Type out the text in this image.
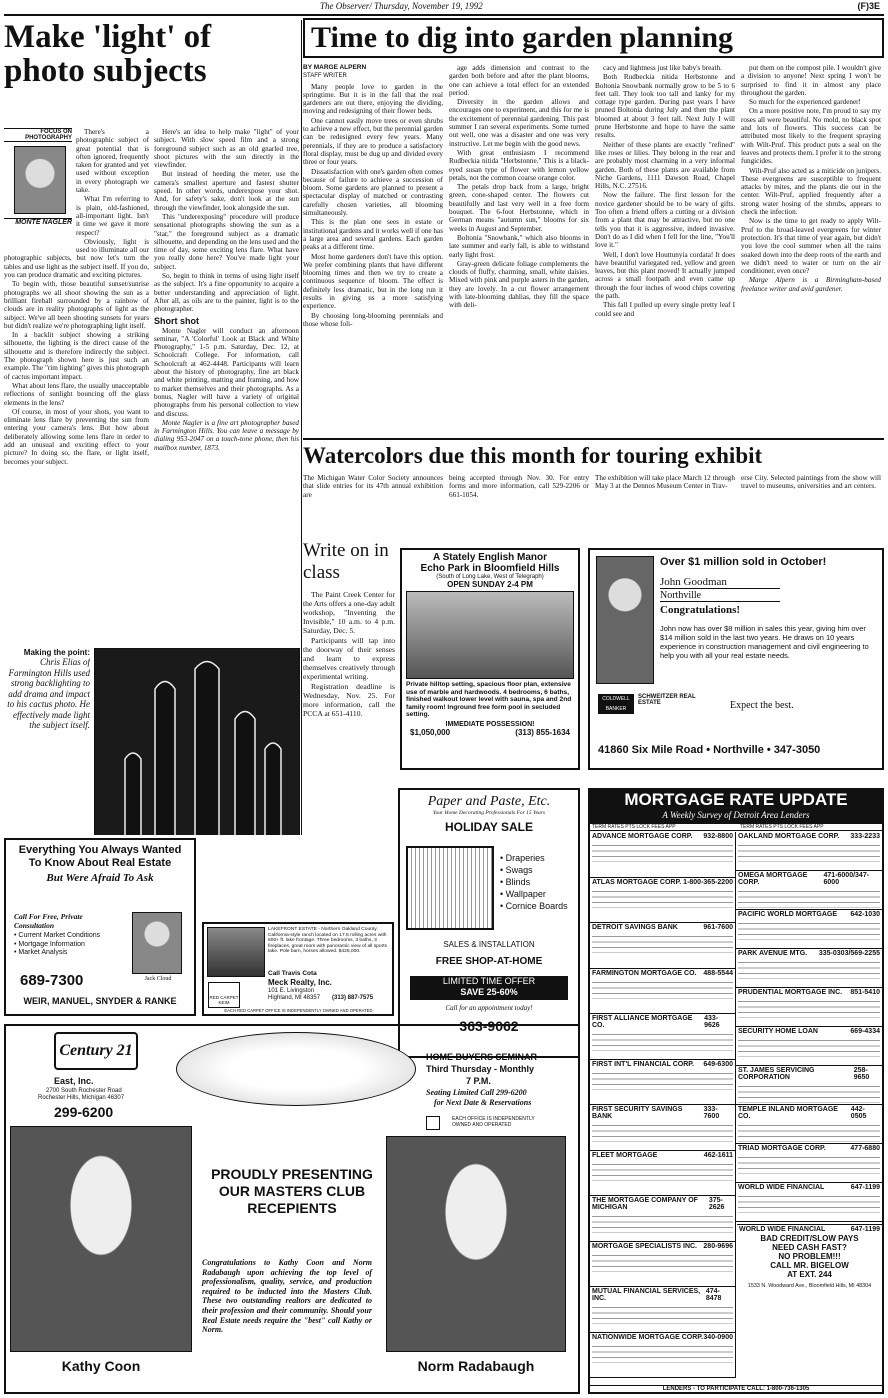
The Observer/ Thursday, November 19, 1992	(F)3E
Make 'light' of photo subjects
FOCUS ON PHOTOGRAPHY
MONTE NAGLER

There's a photographic subject of great potential that is often ignored, frequently taken for granted and yet used without exception in every photograph we take.

What I'm referring to is plain, old-fashioned, all-important light. Isn't it time we gave it more respect?

Obviously, light is used to illuminate all our photographic subjects, but now let's turn the tables and use light as the subject itself. If you do, you can produce dramatic and exciting pictures.

To begin with, those beautiful sunset/sunrise photographs we all shoot showing the sun as a brilliant fireball surrounded by a rainbow of clouds are in reality photographs of light as the subject. We've all been shooting sunsets for years but didn't realize we're photographing light itself.

In a backlit subject showing a striking silhouette, the lighting is the direct cause of the silhouette and is therefore indirectly the subject. The photograph shown here is just such an example. The "rim lighting" gives this photograph of cactus important impact.

What about lens flare, the usually unacceptable reflections of sunlight bouncing off the glass elements in the lens?

Of course, in most of your shots, you want to eliminate lens flare by preventing the sun from entering your camera's lens. But how about deliberately allowing some lens flare in order to add an unusual and exciting effect to your picture? In doing so, the flare, or light itself, becomes your subject.

Here's an idea to help make "light" of your subject. With slow speed film and a strong foreground subject such as an old gnarled tree, shoot pictures with the sun directly in the viewfinder.

But instead of heeding the meter, use the camera's smallest aperture and fastest shutter speed. In other words, underexpose your shot. And, for safety's sake, don't look at the sun through the viewfinder, look alongside the sun.

This "underexposing" procedure will produce sensational photographs showing the sun as a "star," the foreground subject as a dramatic silhouette, and depending on the lens used and the time of day, some exciting lens flare. What have you really done here? You've made light your subject.

So, begin to think in terms of using light itself as the subject. It's a fine opportunity to acquire a better understanding and appreciation of light. After all, as oils are to the painter, light is to the photographer.

Short shot

Monte Nagler will conduct an afternoon seminar, "A 'Colorful' Look at Black and White Photography," 1-5 p.m. Saturday, Dec. 12, at Schoolcraft College. For information, call Schoolcraft at 462-4448. Participants will learn about the history of photography, fine art black and white printing, matting and framing, and how to market themselves and their photographs. As a bonus, Nagler will have a variety of original photographs from his personal collection to view and discuss.

Monte Nagler is a fine art photographer based in Farmington Hills. You can leave a message by dialing 953-2047 on a touch-tone phone, then his mailbox number, 1873.

Making the point:
Chris Elias of Farmington Hills used strong backlighting to add drama and impact to his cactus photo. He effectively made light the subject itself.
Time to dig into garden planning
BY MARGE ALPERN
STAFF WRITER

Many people love to garden in the springtime. But it is in the fall that the real gardeners are out there, enjoying the dividing, moving and redesigning of their flower beds.

One cannot easily move trees or even shrubs to achieve a new effect, but the perennial garden can be redesigned every few years. Many perennials, if they are to produce a satisfactory floral display, must be dug up and divided every three or four years.

Dissatisfaction with one's garden often comes because of failure to achieve a succession of bloom. Some gardens are planned to present a spectacular display of matched or contrasting carefully chosen varieties, all blooming simultaneously.

This is the plan one sees in estate or institutional gardens and it works well if one has a large area and several gardens. Each garden peaks at a different time.

Most home gardeners don't have this option. We prefer combining plants that have different blooming times and then we try to create a continuous sequence of bloom. The effect is definitely less dramatic, but in the long run it results in giving us a more satisfying experience.

By choosing long-blooming perennials and those whose foli-

age adds dimension and contrast to the garden both before and after the plant blooms, one can achieve a total effect for an extended period.

Diversity in the garden allows and encourages one to experiment, and this for me is the excitement of perennial gardening. This past summer I ran several experiments. Some turned out well, one was a disaster and one was very instructive. Let me begin with the good news.

With great enthusiasm I recommend Rudbeckia nitida "Herbstonne." This is a black-eyed susan type of flower with lemon yellow petals, not the common coarse orange color.

The petals drop back from a large, bright green, cone-shaped center. The flowers cut beautifully and last very well in a free form bouquet. The 6-foot Herbstonne, which in German means "autumn sun," blooms for six weeks in August and September.

Boltonia "Snowbank," which also blooms in late summer and early fall, is able to withstand early light frost.

Gray-green delicate foliage complements the clouds of fluffy, charming, small, white daisies. Mixed with pink and purple asters in the garden, they are lovely. In a cut flower arrangement with late-blooming dahlias, they fill the space with deli-

cacy and lightness just like baby's breath.

Both Rudbeckia nitida Herbstonne and Boltonia Snowbank normally grow to be 5 to 6 feet tall. They look too tall and lanky for my cottage type garden. During past years I have pruned Boltonia during July and then the plant bloomed at about 3 feet tall. Next July I will prune Herbstonne and hope to have the same results.

Neither of these plants are exactly "refined" like roses or lilies. They belong in the rear and are probably most charming in a very informal garden. Both of these plants are available from Niche Gardens, 1111 Dawson Road, Chapel Hills, N.C. 27516.

Now the failure. The first lesson for the novice gardener should be to be wary of gifts. Too often a friend offers a cutting or a division from a plant that may be attractive, but no one tells you that it is aggressive, indeed invasive. Don't do as I did when I fell for the line, "You'll love it."

Well, I don't love Houttunyia cordata! It does have beautiful variegated red, yellow and green leaves, but this plant moved! It actually jumped across a small footpath and even came up through the four inches of wood chips covering the path.

This fall I pulled up every single pretty leaf I could see and

put them on the compost pile. I wouldn't give a division to anyone! Next spring I won't be surprised to find it in almost any place throughout the garden.

So much for the experienced gardener!

On a more positive note, I'm proud to say my roses all were beautiful. No mold, no black spot and lots of flowers. This success can be attributed most likely to the frequent spraying with Wilt-Pruf. This product puts a seal on the leaves and protects them. I prefer it to the strong fungicides.

Wilt-Pruf also acted as a miticide on junipers. These evergreens are susceptible to frequent attacks by mites, and the plants die out in the center. Wilt-Pruf, applied frequently after a strong water hosing of the shrubs, appears to check the infection.

Now is the time to get ready to apply Wilt-Pruf to the broad-leaved evergreens for winter protection. It's that time of year again, but didn't you love the cool summer when all the rains soaked down into the deep roots of the earth and we didn't need to water or turn on the air conditioner, even once?

Marge Alpern is a Birmingham-based freelance writer and avid gardener.

Watercolors due this month for touring exhibit
The Michigan Water Color Society announces that slide entries for its 47th annual exhibition are
being accepted through Nov. 30. For entry forms and more information, call 529-2206 or 661-1054.
The exhibition will take place March 12 through May 3 at the Dennos Museum Center in Trav-
erse City. Selected paintings from the show will travel to museums, universities and art centers.
Write on in class

The Paint Creek Center for the Arts offers a one-day adult workshop, "Inventing the Invisible," 10 a.m. to 4 p.m. Saturday, Dec. 5.

Participants will tap into the doorway of their senses and learn to express themselves creatively through experimental writing.

Registration deadline is Wednesday, Nov. 25. For more information, call the PCCA at 651-4110.

A Stately English Manor
Echo Park in Bloomfield Hills
(South of Long Lake, West of Telegraph)
OPEN SUNDAY 2-4 PM
Private hilltop setting, spacious floor plan, extensive use of marble and hardwoods. 4 bedrooms, 6 baths, finished walkout lower level with sauna, spa and 2nd family room! Inground free form pool in secluded setting.
IMMEDIATE POSSESSION!
$1,050,000	(313) 855-1634
Over $1 million sold in October!
John Goodman
Northville
Congratulations!
John now has over $8 million in sales this year, giving him over $14 million sold in the last two years. He draws on 10 years experience in construction management and civil engineering to help you with all your real estate needs.
COLDWELL BANKER
SCHWEITZER REAL ESTATE	Expect the best.
41860 Six Mile Road • Northville • 347-3050
Paper and Paste, Etc.
Your Home Decorating Professionals For 15 Years
HOLIDAY SALE
• Draperies
• Swags
• Blinds
• Wallpaper
• Cornice Boards
SALES & INSTALLATION
FREE SHOP-AT-HOME
LIMITED TIME OFFER
SAVE 25-60%
Call for an appointment today!
363-9062
MORTGAGE RATE UPDATE
A Weekly Survey of Detroit Area Lenders
TERM RATES PTS LOCK FEES APP	TERM RATES PTS LOCK FEES APP
ADVANCE MORTGAGE CORP. 932-8800
ATLAS MORTGAGE CORP. 1-800-365-2200
DETROIT SAVINGS BANK	961-7600
FARMINGTON MORTGAGE CO. 488-5544
FIRST ALLIANCE MORTGAGE CO.
433-9626
FIRST INT'L FINANCIAL CORP. 649-6300
FIRST SECURITY SAVINGS BANK
333-7600
FLEET MORTGAGE	462-1611
THE MORTGAGE COMPANY OF MICHIGAN
375-2626
MORTGAGE SPECIALISTS INC. 280-9696
MUTUAL FINANCIAL SERVICES, INC.
474-8478
NATIONWIDE MORTGAGE CORP. 340-0900
OAKLAND MORTGAGE CORP. 333-2233
OMEGA MORTGAGE CORP.
471-6000/347-6000
PACIFIC WORLD MORTGAGE 642-1030
PARK AVENUE MTG. 335-0303/569-2255
PRUDENTIAL MORTGAGE INC. 851-5410
SECURITY HOME LOAN	669-4334
ST. JAMES SERVICING CORPORATION
258-9650
TEMPLE INLAND MORTGAGE CO.
442-0505
TRIAD MORTGAGE CORP.	477-6880
WORLD WIDE FINANCIAL	647-1199
WORLD WIDE FINANCIAL	647-1199
BAD CREDIT/SLOW PAYS
NEED CASH FAST?
NO PROBLEM!!!
CALL MR. BIGELOW
AT EXT. 244
1533 N. Woodward Ave., Bloomfield Hills, MI 48304
LENDERS - TO PARTICIPATE CALL: 1-800-736-1305
Everything You Always Wanted To Know About Real Estate
But Were Afraid To Ask
Call For Free, Private Consultation
• Current Market Conditions
• Mortgage Information
• Market Analysis
Jack Cloud
689-7300
WEIR, MANUEL, SNYDER & RANKE
LAKEFRONT ESTATE - Northern Oakland County. California-style ranch located on 17.5 rolling acres with 600+ ft. lake frontage. Three bedrooms, 3 baths, 3 fireplaces, great room with panoramic view of all sports lake. Pole barn, horses allowed. $425,000.
RED CARPET KEIM
Call Travis Cota
Meck Realty, Inc.
101 E. Livingston
Highland, MI 48357 (313) 887-7575
EACH RED CARPET OFFICE IS INDEPENDENTLY OWNED AND OPERATED.
Century 21
East, Inc.
2700 South Rochester Road
Rochester Hills, Michigan 46307
299-6200
HOME BUYERS SEMINAR
Third Thursday - Monthly
7 P.M.
Seating Limited Call 299-6200
for Next Date & Reservations
EACH OFFICE IS INDEPENDENTLY OWNED AND OPERATED
Kathy Coon
PROUDLY PRESENTING OUR MASTERS CLUB RECEPIENTS
Congratulations to Kathy Coon and Norm Radabaugh upon achieving the top level of professionalism, quality, service, and production required to be inducted into the Masters Club. These two outstanding realtors are dedicated to their profession and their community. Should your Real Estate needs require the "best" call Kathy or Norm.
Norm Radabaugh
